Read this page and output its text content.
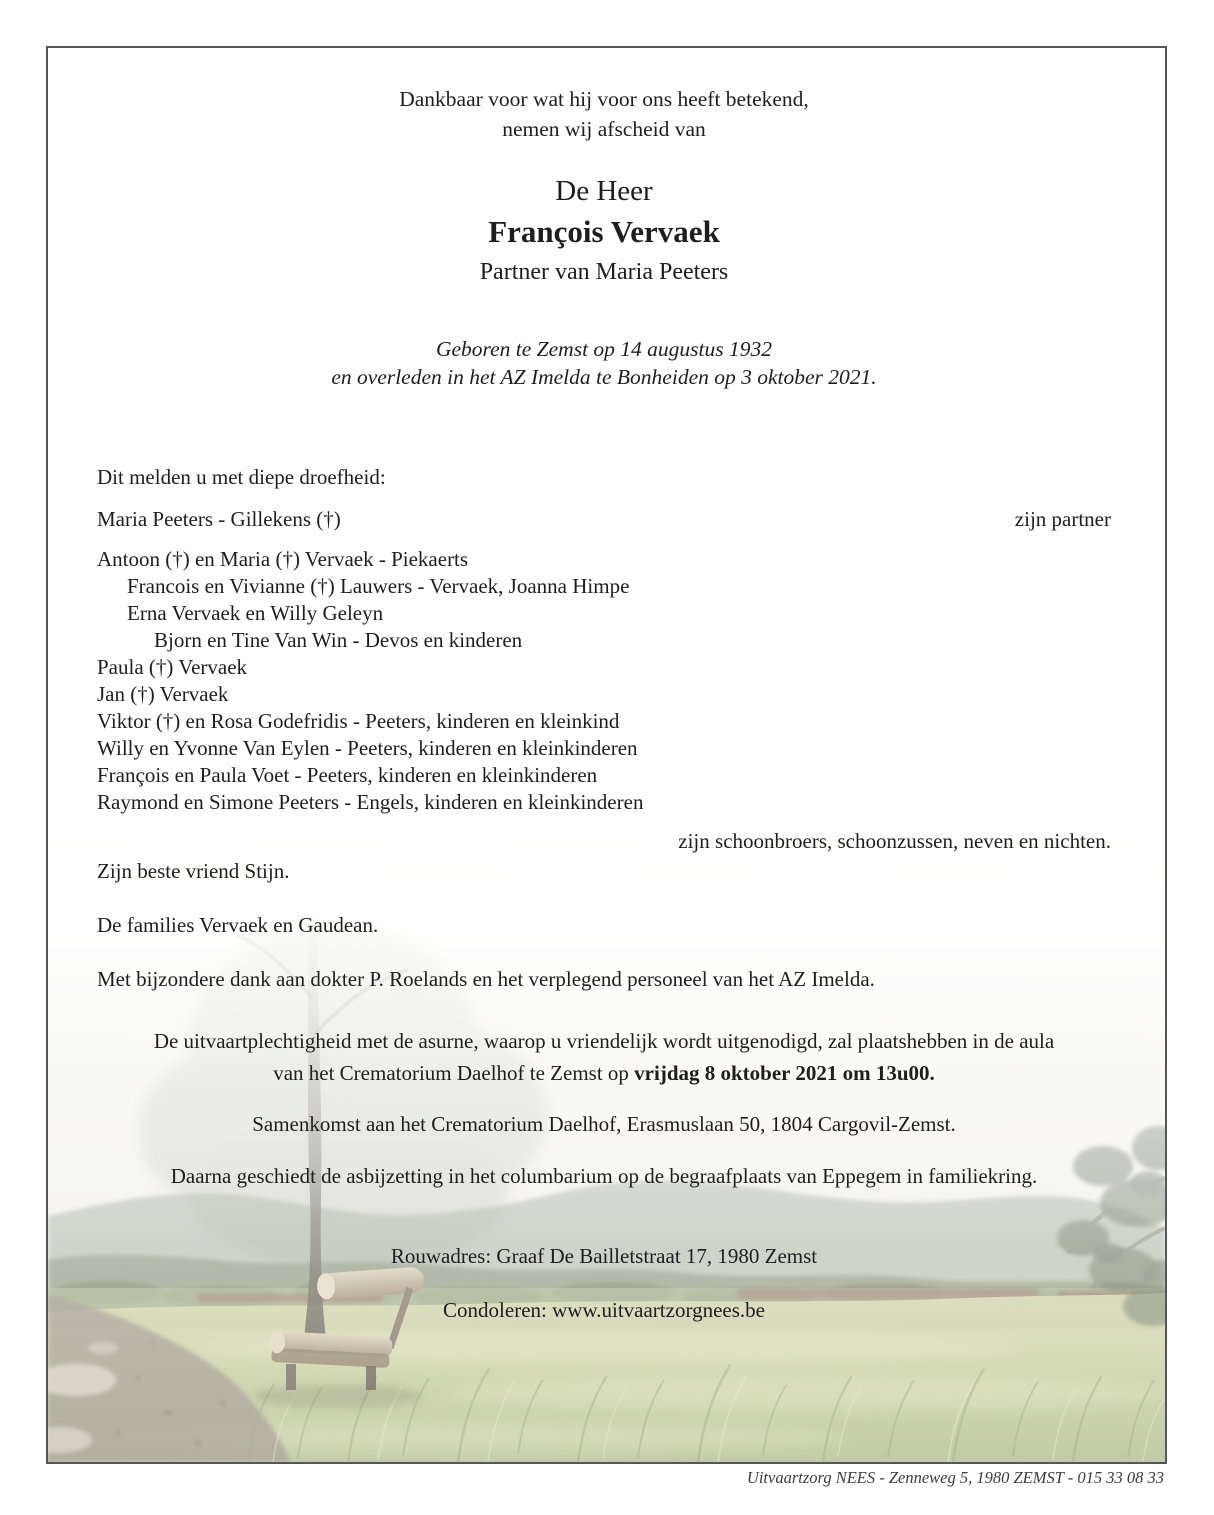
Dankbaar voor wat hij voor ons heeft betekend,
nemen wij afscheid van
De Heer
François Vervaek
Partner van Maria Peeters
Geboren te Zemst op 14 augustus 1932
en overleden in het AZ Imelda te Bonheiden op 3 oktober 2021.
Dit melden u met diepe droefheid:
Maria Peeters - Gillekens (†)	zijn partner
Antoon (†) en Maria (†) Vervaek - Piekaerts
Francois en Vivianne (†) Lauwers - Vervaek, Joanna Himpe
Erna Vervaek en Willy Geleyn
Bjorn en Tine Van Win - Devos en kinderen
Paula (†) Vervaek
Jan (†) Vervaek
Viktor (†) en Rosa Godefridis - Peeters, kinderen en kleinkind
Willy en Yvonne Van Eylen - Peeters, kinderen en kleinkinderen
François en Paula Voet - Peeters, kinderen en kleinkinderen
Raymond en Simone Peeters - Engels, kinderen en kleinkinderen
zijn schoonbroers, schoonzussen, neven en nichten.
Zijn beste vriend Stijn.
De families Vervaek en Gaudean.
Met bijzondere dank aan dokter P. Roelands en het verplegend personeel van het AZ Imelda.
De uitvaartplechtigheid met de asurne, waarop u vriendelijk wordt uitgenodigd, zal plaatshebben in de aula
van het Crematorium Daelhof te Zemst op vrijdag 8 oktober 2021 om 13u00.
Samenkomst aan het Crematorium Daelhof, Erasmuslaan 50, 1804 Cargovil-Zemst.
Daarna geschiedt de asbijzetting in het columbarium op de begraafplaats van Eppegem in familiekring.
Rouwadres: Graaf De Bailletstraat 17, 1980 Zemst
Condoleren: www.uitvaartzorgnees.be
Uitvaartzorg NEES - Zenneweg 5, 1980 ZEMST - 015 33 08 33
